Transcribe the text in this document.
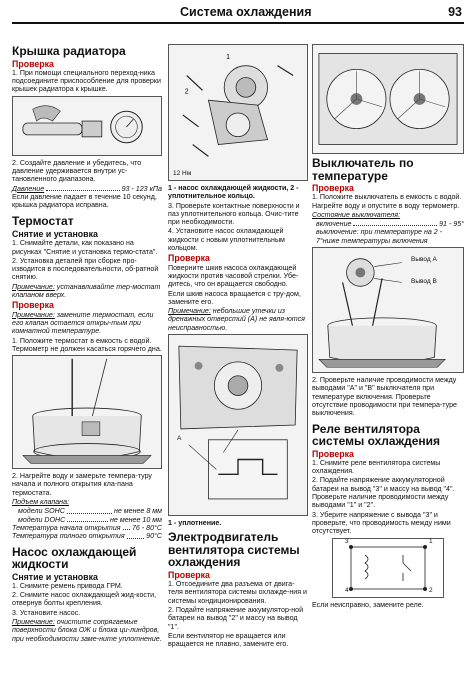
Система охлаждения	93
Крышка радиатора
Проверка

1. При помощи специального переход-ника подсоедините приспособление для проверки крышек радиатора к крышке.

2. Создайте давление и убедитесь, что давление удерживается внутри ус-тановленного диапазона.

Давление	93 - 123 кПа

Если давление падает в течение 10 секунд, крышка радиатора исправна.

Термостат
Снятие и установка

1. Снимайте детали, как показано на рисунках "Снятие и установка термо-стата".

2. Установка деталей при сборке про-изводится в последовательности, об-ратной снятию.

Примечание: устанавливайте тер-мостат клапаном вверх.

Проверка

Примечание: замените термостат, если его клапан остается откры-тым при комнатной температуре.

1. Положите термостат в емкость с водой. Термометр не должен касаться горячего дна.

2. Нагрейте воду и замерьте темпера-туру начала и полного открытия кла-пана термостата.

Подъем клапана:

модели SOHC	не менее 8 мм
модели DOHC	не менее 10 мм
Температура начала открытия 76 - 80°С
Температура полного открытия	90°С
Насос охлаждающей жидкости
Снятие и установка

1. Снимите ремень привода ГРМ.

2. Снимите насос охлаждающей жид-кости, отвернув болты крепления.

3. Установите насос.

Примечание: очистите сопрягаемые поверхности блока ОЖ и блока ци-линдров, при необходимости заме-ните уплотнение.

1
2
12 Нм

1 - насос охлаждающей жидкости, 2 - уплотнительное кольцо.

3. Проверьте контактные поверхности и паз уплотнительного кольца. Очис-тите при необходимости.

4. Установите насос охлаждающей жидкости с новым уплотнительным кольцом.

Проверка

Поверните шкив насоса охлаждающей жидкости против часовой стрелки. Убе-дитесь, что он вращается свободно.

Если шкив насоса вращается с тру-дом, замените его.

Примечание: небольшие утечки из дренажных отверстий (А) не явля-ются неисправностью.

A

1 - уплотнение.

Электродвигатель вентилятора системы охлаждения
Проверка

1. Отсоедините два разъема от двига-теля вентилятора системы охлажде-ния и системы кондиционирования.

2. Подайте напряжение аккумулятор-ной батареи на вывод "2" и массу на вывод "1".

Если вентилятор не вращается или вращается не плавно, замените его.

Выключатель по температуре
Проверка

1. Положите выключатель в емкость с водой. Нагрейте воду и опустите в воду термометр.

Состояние выключателя:

включение	91 - 95°

выключение: при температуре на 2 - 7°ниже температуры включения

Вывод А
Вывод В

2. Проверьте наличие проводимости между выводами "А" и "В" выключателя при температуре включения. Проверьте отсутствие проводимости при темпера-туре выключения.

Реле вентилятора системы охлаждения
Проверка

1. Снимите реле вентилятора системы охлаждения.

2. Подайте напряжение аккумуляторной батареи на вывод "3" и массу на вывод "4". Проверьте наличие проводимости между выводами "1" и "2".

3. Уберите напряжение с вывода "3" и проверьте, что проводимость между ними отсутствует.

3	1
4	2

Если неисправно, замените реле.
